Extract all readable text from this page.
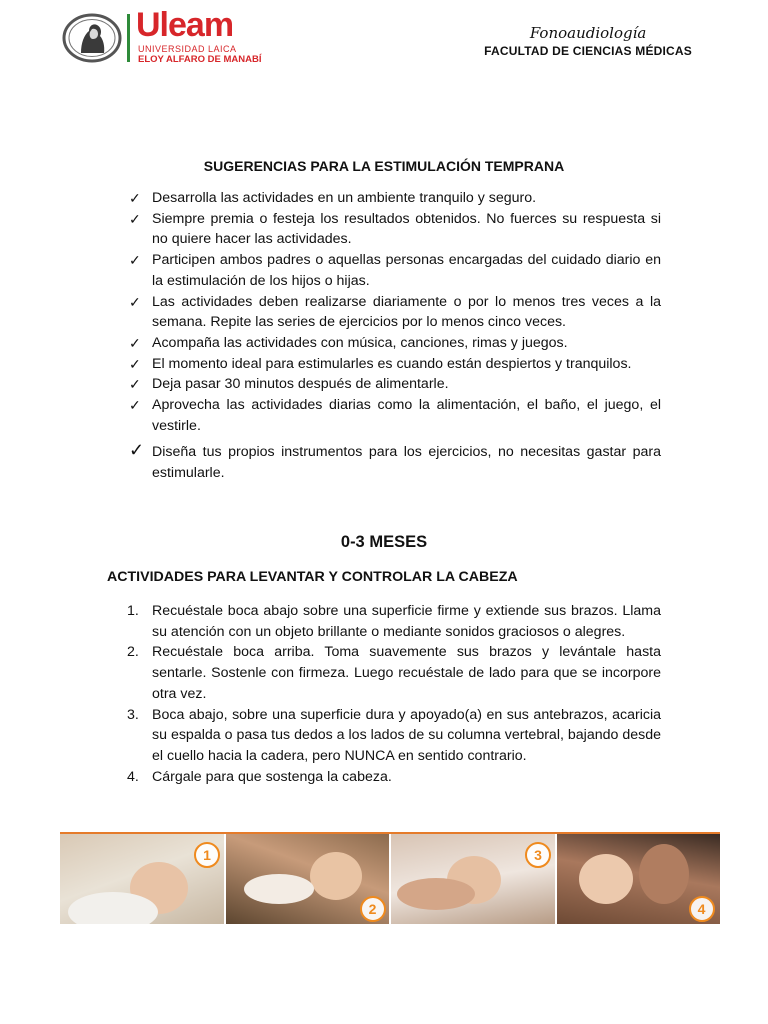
Uleam
UNIVERSIDAD LAICA
ELOY ALFARO DE MANABÍ
Fonoaudiología
FACULTAD DE CIENCIAS MÉDICAS
SUGERENCIAS PARA LA ESTIMULACIÓN TEMPRANA
✓ Desarrolla las actividades en un ambiente tranquilo y seguro.
✓ Siempre premia o festeja los resultados obtenidos. No fuerces su respuesta si no quiere hacer las actividades.
✓ Participen ambos padres o aquellas personas encargadas del cuidado diario en la estimulación de los hijos o hijas.
✓ Las actividades deben realizarse diariamente o por lo menos tres veces a la semana. Repite las series de ejercicios por lo menos cinco veces.
✓ Acompaña las actividades con música, canciones, rimas y juegos.
✓ El momento ideal para estimularles es cuando están despiertos y tranquilos.
✓ Deja pasar 30 minutos después de alimentarle.
✓ Aprovecha las actividades diarias como la alimentación, el baño, el juego, el vestirle.
✓ Diseña tus propios instrumentos para los ejercicios, no necesitas gastar para estimularle.
0-3 MESES
ACTIVIDADES PARA LEVANTAR Y CONTROLAR LA CABEZA
1. Recuéstale boca abajo sobre una superficie firme y extiende sus brazos. Llama su atención con un objeto brillante o mediante sonidos graciosos o alegres.
2. Recuéstale boca arriba. Toma suavemente sus brazos y levántale hasta sentarle. Sostenle con firmeza. Luego recuéstale de lado para que se incorpore otra vez.
3. Boca abajo, sobre una superficie dura y apoyado(a) en sus antebrazos, acaricia su espalda o pasa tus dedos a los lados de su columna vertebral, bajando desde el cuello hacia la cadera, pero NUNCA en sentido contrario.
4. Cárgale para que sostenga la cabeza.
1
2
3
4
